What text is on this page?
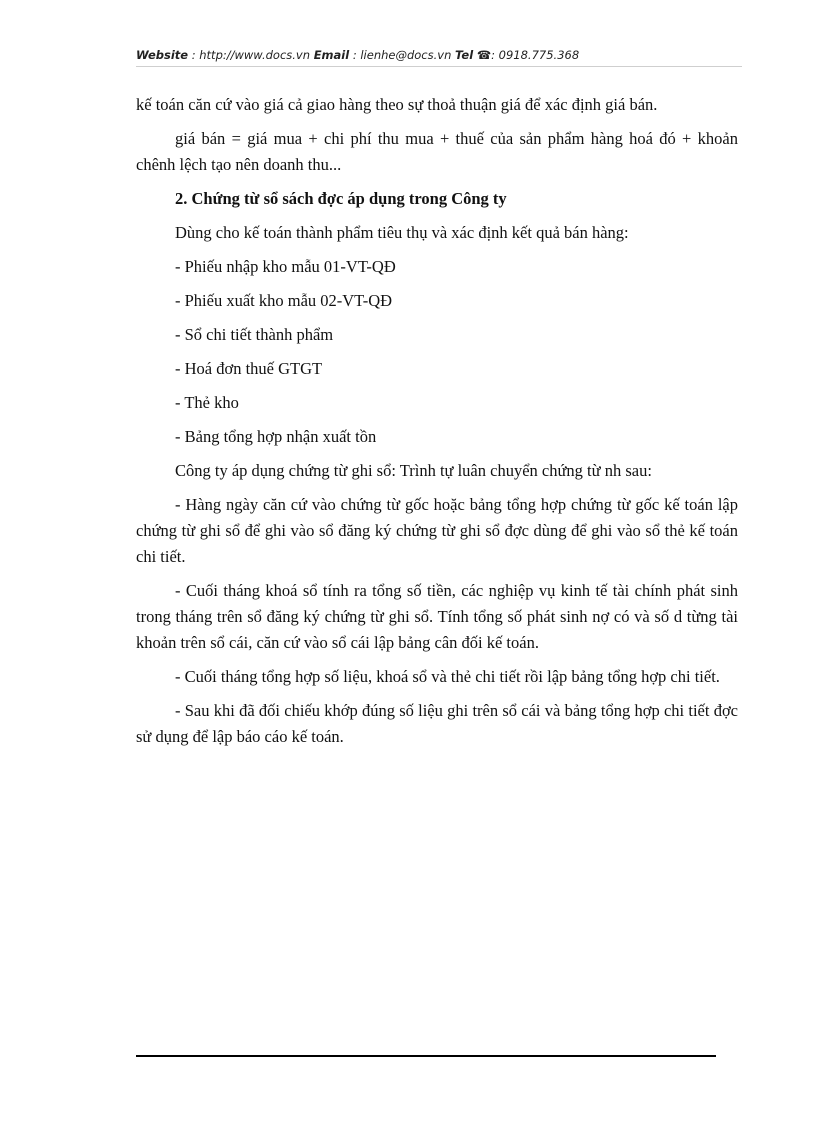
Website : http://www.docs.vn Email : lienhe@docs.vn Tel ☎: 0918.775.368

kế toán căn cứ vào giá cả giao hàng theo sự thoả thuận giá để xác định giá bán.

giá bán = giá mua + chi phí thu mua + thuế của sản phẩm hàng hoá đó + khoản chênh lệch tạo nên doanh thu...

2. Chứng từ sổ sách đợc áp dụng trong Công ty

Dùng cho kế toán thành phẩm tiêu thụ và xác định kết quả bán hàng:

- Phiếu nhập kho mẫu 01-VT-QĐ

- Phiếu xuất kho mẫu 02-VT-QĐ

- Sổ chi tiết thành phẩm

- Hoá đơn thuế GTGT

- Thẻ kho

- Bảng tổng hợp nhận xuất tồn

Công ty áp dụng chứng từ ghi sổ: Trình tự luân chuyển chứng từ nh sau:

- Hàng ngày căn cứ vào chứng từ gốc hoặc bảng tổng hợp chứng từ gốc kế toán lập chứng từ ghi sổ để ghi vào sổ đăng ký chứng từ ghi sổ đợc dùng để ghi vào sổ thẻ kế toán chi tiết.

- Cuối tháng khoá sổ tính ra tổng số tiền, các nghiệp vụ kinh tế tài chính phát sinh trong tháng trên sổ đăng ký chứng từ ghi sổ. Tính tổng số phát sinh nợ có và số d từng tài khoản trên sổ cái, căn cứ vào sổ cái lập bảng cân đối kế toán.

- Cuối tháng tổng hợp số liệu, khoá sổ và thẻ chi tiết rồi lập bảng tổng hợp chi tiết.

- Sau khi đã đối chiếu khớp đúng số liệu ghi trên sổ cái và bảng tổng hợp chi tiết đợc sử dụng để lập báo cáo kế toán.
